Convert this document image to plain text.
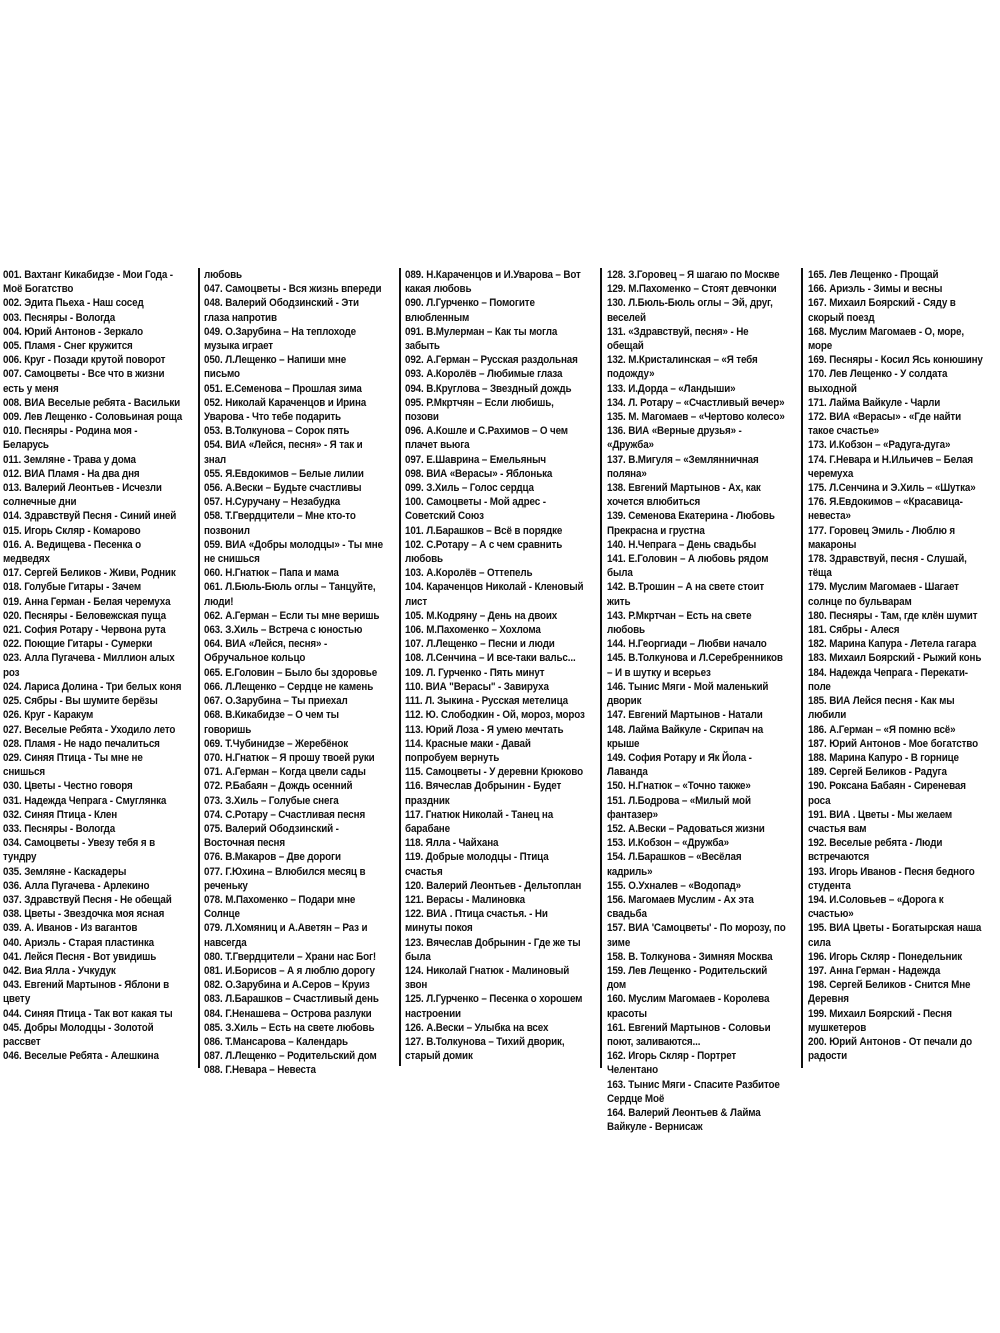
001. Вахтанг Кикабидзе - Мои Года - Моё Богатство
002. Эдита Пьеха - Наш сосед
003. Песняры - Вологда
004. Юрий Антонов - Зеркало
005. Пламя - Снег кружится
006. Круг - Позади крутой поворот
007. Самоцветы - Все что в жизни есть у меня
008. ВИА Веселые ребята - Васильки
009. Лев Лещенко - Соловьиная роща
010. Песняры - Родина моя - Беларусь
011. Земляне - Трава у дома
012. ВИА Пламя - На два дня
013. Валерий Леонтьев - Исчезли солнечные дни
014. Здравствуй Песня - Синий иней
015. Игорь Скляр - Комарово
016. А. Ведищева - Песенка о медведях
017. Сергей Беликов - Живи, Родник
018. Голубые Гитары - Зачем
019. Анна Герман - Белая черемуха
020. Песняры - Беловежская пуща
021. София Ротару - Червона рута
022. Поющие Гитары - Сумерки
023. Алла Пугачева - Миллион алых роз
024. Лариса Долина - Три белых коня
025. Сябры - Вы шумите берёзы
026. Круг - Каракум
027. Веселые Ребята - Уходило лето
028. Пламя - Не надо печалиться
029. Синяя Птица - Ты мне не снишься
030. Цветы - Честно говоря
031. Надежда Чепрага - Смуглянка
032. Синяя Птица - Клен
033. Песняры - Вологда
034. Самоцветы - Увезу тебя я в тундру
035. Земляне - Каскадеры
036. Алла Пугачева - Арлекино
037. Здравствуй Песня - Не обещай
038. Цветы - Звездочка моя ясная
039. А. Иванов - Из вагантов
040. Ариэль - Старая пластинка
041. Лейся Песня - Вот увидишь
042. Виа Ялла - Учкудук
043. Евгений Мартынов - Яблони в цвету
044. Синяя Птица - Так вот какая ты
045. Добры Молодцы - Золотой рассвет
046. Веселые Ребята - Алешкина
любовь
047. Самоцветы - Вся жизнь впереди
048. Валерий Ободзинский - Эти глаза напротив
049. О.Зарубина – На теплоходе музыка играет
050. Л.Лещенко – Напиши мне письмо
051. Е.Семенова – Прошлая зима
052. Николай Караченцов и Ирина Уварова - Что тебе подарить
053. В.Толкунова – Сорок пять
054. ВИА «Лейся, песня» - Я так и знал
055. Я.Евдокимов – Белые лилии
056. А.Вески – Будьте счастливы
057. Н.Суручану – Незабудка
058. Т.Гвердцители – Мне кто-то позвонил
059. ВИА «Добры молодцы» - Ты мне не снишься
060. Н.Гнатюк – Папа и мама
061. Л.Бюль-Бюль оглы – Танцуйте, люди!
062. А.Герман – Если ты мне веришь
063. З.Хиль – Встреча с юностью
064. ВИА «Лейся, песня» - Обручальное кольцо
065. Е.Головин – Было бы здоровье
066. Л.Лещенко – Сердце не камень
067. О.Зарубина – Ты приехал
068. В.Кикабидзе – О чем ты говоришь
069. Т.Чубинидзе – Жеребёнок
070. Н.Гнатюк – Я прошу твоей руки
071. А.Герман – Когда цвели сады
072. Р.Бабаян – Дождь осенний
073. З.Хиль – Голубые снега
074. С.Ротару – Счастливая песня
075. Валерий Ободзинский - Восточная песня
076. В.Макаров – Две дороги
077. Г.Юхина – Влюбился месяц в реченьку
078. М.Пахоменко – Подари мне Солнце
079. Л.Хомяниц и А.Аветян – Раз и навсегда
080. Т.Гвердцители – Храни нас Бог!
081. И.Борисов – А я люблю дорогу
082. О.Зарубина и А.Серов – Круиз
083. Л.Барашков – Счастливый день
084. Г.Ненашева – Острова разлуки
085. З.Хиль – Есть на свете любовь
086. Т.Мансарова – Календарь
087. Л.Лещенко – Родительский дом
088. Г.Невара – Невеста
089. Н.Караченцов и И.Уварова – Вот какая любовь
090. Л.Гурченко – Помогите влюбленным
091. В.Мулерман – Как ты могла забыть
092. А.Герман – Русская раздольная
093. А.Королёв – Любимые глаза
094. В.Круглова – Звездный дождь
095. Р.Мкртчян – Если любишь, позови
096. А.Кошле и С.Рахимов – О чем плачет вьюга
097. Е.Шаврина – Емельяныч
098. ВИА «Верасы» - Яблонька
099. З.Хиль – Голос сердца
100. Самоцветы - Мой адрес - Советский Союз
101. Л.Барашков – Всё в порядке
102. С.Ротару – А с чем сравнить любовь
103. А.Королёв – Оттепель
104. Караченцов Николай - Кленовый лист
105. М.Кодряну – День на двоих
106. М.Пахоменко – Хохлома
107. Л.Лещенко – Песни и люди
108. Л.Сенчина – И все-таки вальс...
109. Л. Гурченко - Пять минут
110. ВИА "Верасы" - Завируха
111. Л. Зыкина - Русская метелица
112. Ю. Слободкин - Ой, мороз, мороз
113. Юрий Лоза - Я умею мечтать
114. Красные маки - Давай попробуем вернуть
115. Самоцветы - У деревни Крюково
116. Вячеслав Добрынин - Будет праздник
117. Гнатюк Николай - Танец на барабане
118. Ялла - Чайхана
119. Добрые молодцы - Птица счастья
120. Валерий Леонтьев - Дельтоплан
121. Верасы - Малиновка
122. ВИА . Птица счастья. - Ни минуты покоя
123. Вячеслав Добрынин - Где же ты была
124. Николай Гнатюк - Малиновый звон
125. Л.Гурченко – Песенка о хорошем настроении
126. А.Вески – Улыбка на всех
127. В.Толкунова – Тихий дворик, старый домик
128. З.Горовец – Я шагаю по Москве
129. М.Пахоменко – Стоят девчонки
130. Л.Бюль-Бюль оглы – Эй, друг, веселей
131. «Здравствуй, песня» - Не обещай
132. М.Кристалинская – «Я тебя подожду»
133. И.Дорда – «Ландыши»
134. Л. Ротару – «Счастливый вечер»
135. М. Магомаев – «Чертово колесо»
136. ВИА «Верные друзья» - «Дружба»
137. В.Мигуля – «Землянничная поляна»
138. Евгений Мартынов - Ах, как хочется влюбиться
139. Семенова Екатерина - Любовь Прекрасна и грустна
140. Н.Чепрага – День свадьбы
141. Е.Головин – А любовь рядом была
142. В.Трошин – А на свете стоит жить
143. Р.Мкртчан – Есть на свете любовь
144. Н.Георгиади – Любви начало
145. В.Толкунова и Л.Серебренников – И в шутку и всерьез
146. Тынис Мяги - Мой маленький дворик
147. Евгений Мартынов - Натали
148. Лайма Вайкуле - Скрипач на крыше
149. София Ротару и Як Йола - Лаванда
150. Н.Гнатюк – «Точно также»
151. Л.Бодрова – «Милый мой фантазер»
152. А.Вески – Радоваться жизни
153. И.Кобзон – «Дружба»
154. Л.Барашков – «Весёлая кадриль»
155. О.Ухналев – «Водопад»
156. Магомаев Муслим - Ах эта свадьба
157. ВИА 'Самоцветы' - По морозу, по зиме
158. В. Толкунова - Зимняя Москва
159. Лев Лещенко - Родительский дом
160. Муслим Магомаев - Королева красоты
161. Евгений Мартынов - Соловьи поют, заливаются...
162. Игорь Скляр - Портрет Челентано
163. Тынис Мяги - Спасите Разбитое Сердце Моё
164. Валерий Леонтьев & Лайма Вайкуле - Вернисаж
165. Лев Лещенко - Прощай
166. Ариэль - Зимы и весны
167. Михаил Боярский - Сяду в скорый поезд
168. Муслим Магомаев - О, море, море
169. Песняры - Косил Ясь конюшину
170. Лев Лещенко - У солдата выходной
171. Лайма Вайкуле - Чарли
172. ВИА «Верасы» - «Где найти такое счастье»
173. И.Кобзон – «Радуга-дуга»
174. Г.Невара и Н.Ильичев – Белая черемуха
175. Л.Сенчина и Э.Хиль – «Шутка»
176. Я.Евдокимов – «Красавица-невеста»
177. Горовец Эмиль - Люблю я макароны
178. Здравствуй, песня - Слушай, тёща
179. Муслим Магомаев - Шагает солнце по бульварам
180. Песняры - Там, где клён шумит
181. Сябры - Алеся
182. Марина Капура - Летела гагара
183. Михаил Боярский - Рыжий конь
184. Надежда Чепрага - Перекати-поле
185. ВИА Лейся песня - Как мы любили
186. А.Герман – «Я помню всё»
187. Юрий Антонов - Мое богатство
188. Марина Капуро - В горнице
189. Сергей Беликов - Радуга
190. Роксана Бабаян - Сиреневая роса
191. ВИА . Цветы - Мы желаем счастья вам
192. Веселые ребята - Люди встречаются
193. Игорь Иванов - Песня бедного студента
194. И.Соловьев – «Дорога к счастью»
195. ВИА Цветы - Богатырская наша сила
196. Игорь Скляр - Понедельник
197. Анна Герман - Надежда
198. Сергей Беликов - Снится Мне Деревня
199. Михаил Боярский - Песня мушкетеров
200. Юрий Антонов - От печали до радости
